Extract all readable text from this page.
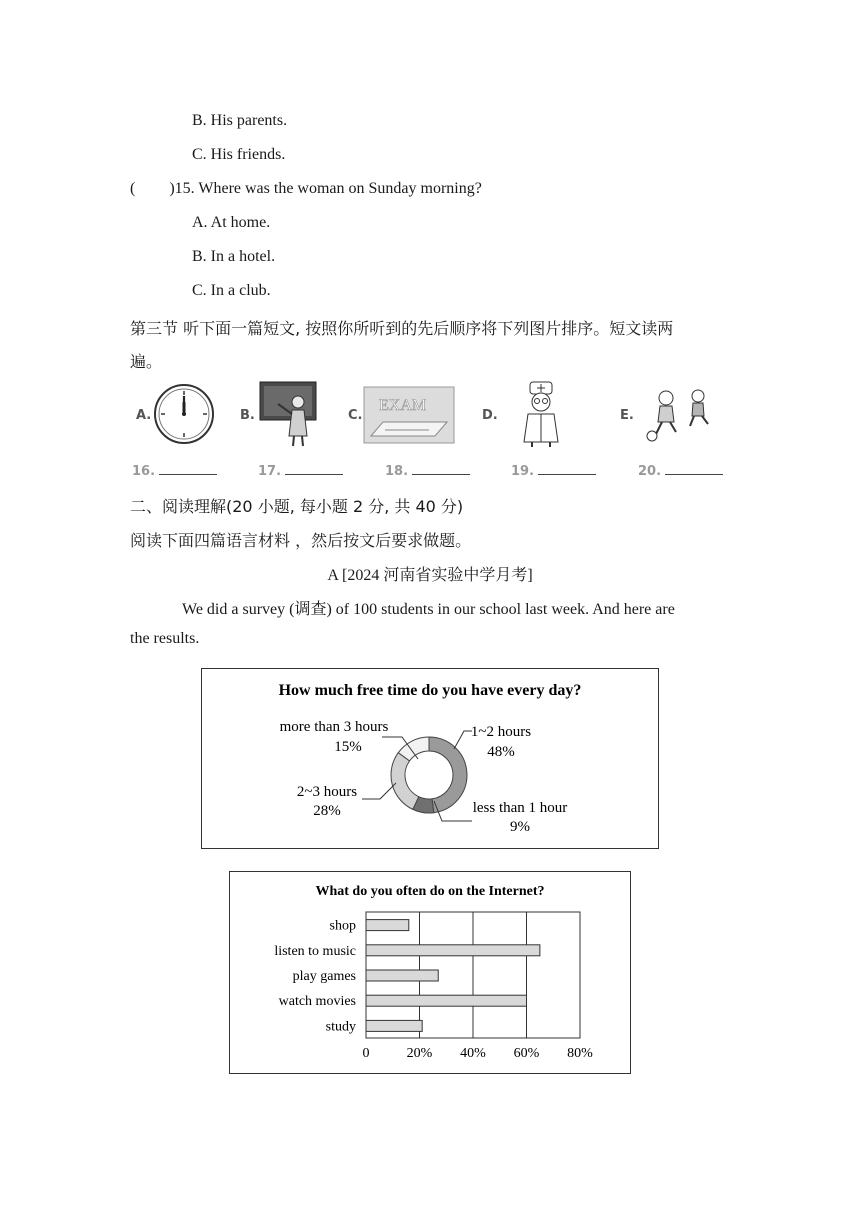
B. His parents.
C. His friends.
( )15. Where was the woman on Sunday morning?
A. At home.
B. In a hotel.
C. In a club.
第三节 听下面一篇短文, 按照你所听到的先后顺序将下列图片排序。短文读两
遍。
A.	B.	C.
EXAM
D.	E.
16.	17.	18.	19.	20.
二、阅读理解(20 小题, 每小题 2 分, 共 40 分)
阅读下面四篇语言材料 ，然后按文后要求做题。
A [2024 河南省实验中学月考]
We did a survey (调查) of 100 students in our school last week. And here are
the results.
How much free time do you have every day?
more than 3 hours
15%
1~2 hours
48%
2~3 hours
28%	less than 1 hour
9%
What do you often do on the Internet?
shop
listen to music
play games
watch movies
study
0	20% 40% 60% 80%
